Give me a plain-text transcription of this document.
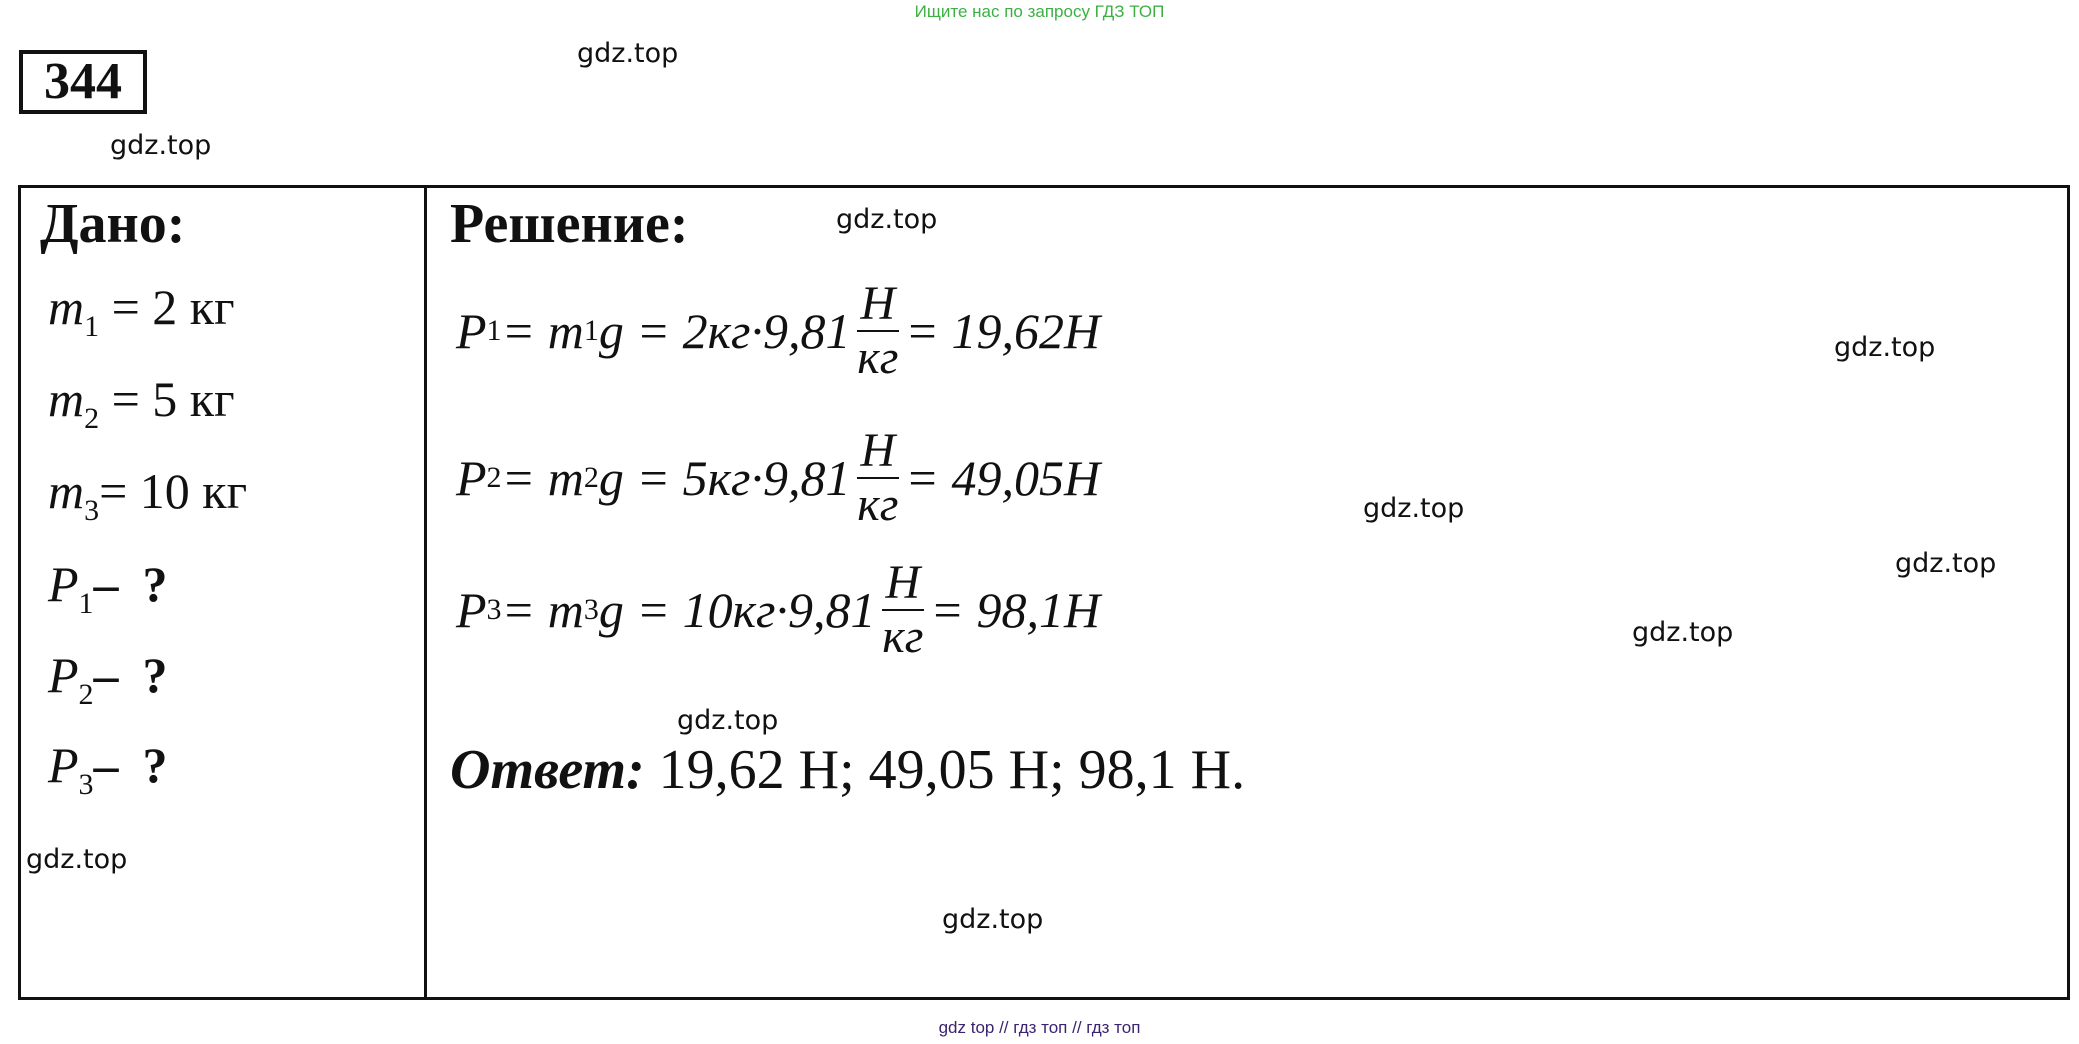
Ищите нас по запросу ГДЗ ТОП
344	gdz.top
gdz.top
Дано:
$m_1 = 2$ кг
$m_2 = 5$ кг
$m_3= 10$ кг
$P_1-$ ?
$P_2-$ ?
$P_3-$ ?
gdz.top
Решение:	gdz.top
P 1 = m 1 $g = 2кг\cdot 9,81 \frac{H}{кг} = 19,62H$
P 2 = m 2 $g = 5кг\cdot 9,81 \frac{H}{кг} = 49,05H$
P 3 = m 3 $g = 10кг\cdot 9,81 \frac{H}{кг} = 98,1H$
gdz.top
gdz.top
gdz.top
gdz.top
gdz.top
Ответ: 19,62 Н; 49,05 Н; 98,1 Н.
gdz.top
gdz top // гдз топ // гдз топ
